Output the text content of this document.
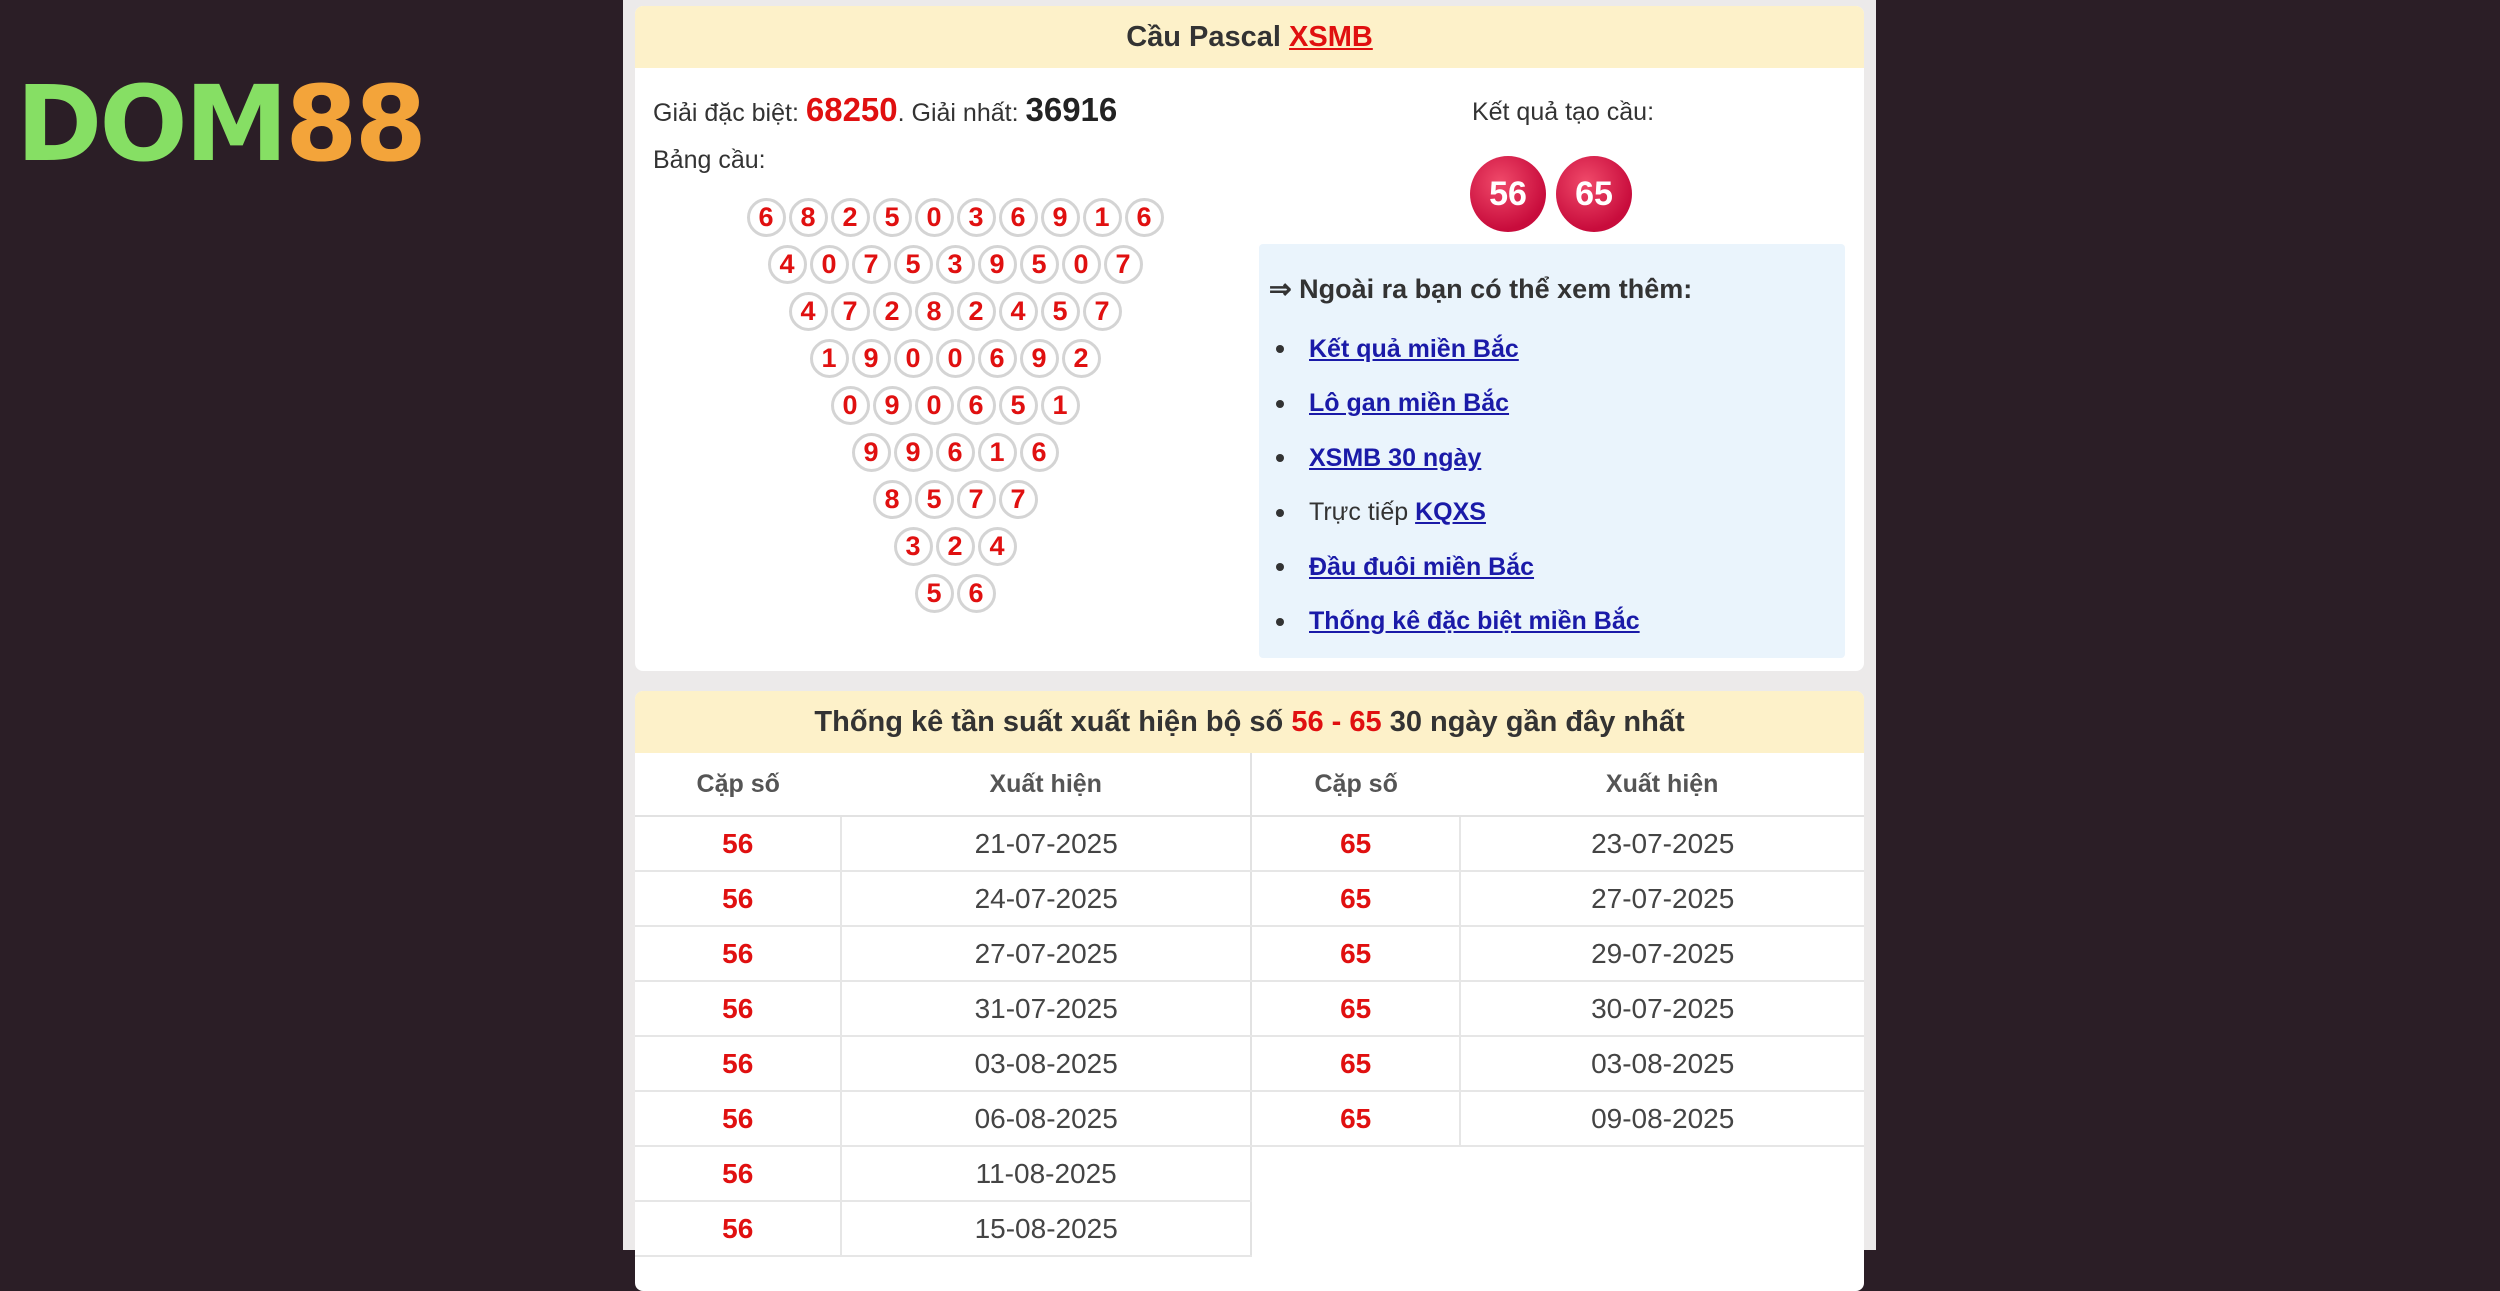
DOM 88
Cầu Pascal XSMB
Giải đặc biệt: 68250. Giải nhất: 36916
Bảng cầu:
6 8 2 5 0 3 6 9 1 6
4 0 7 5 3 9 5 0 7
4 7 2 8 2 4 5 7
1 9 0 0 6 9 2
0 9 0 6 5 1
9 9 6 1 6
8 5 7 7
3 2 4
5 6
Kết quả tạo cầu:
56	65
⇒ Ngoài ra bạn có thể xem thêm:
Kết quả miền Bắc
Lô gan miền Bắc
XSMB 30 ngày
Trực tiếp KQXS
Đầu đuôi miền Bắc
Thống kê đặc biệt miền Bắc
Thống kê tần suất xuất hiện bộ số 56 - 65 30 ngày gần đây nhất
Cặp số	Xuất hiện	Cặp số	Xuất hiện
56	21-07-2025	65	23-07-2025
56	24-07-2025	65	27-07-2025
56	27-07-2025	65	29-07-2025
56	31-07-2025	65	30-07-2025
56	03-08-2025	65	03-08-2025
56	06-08-2025	65	09-08-2025
56	11-08-2025		
56	15-08-2025		
